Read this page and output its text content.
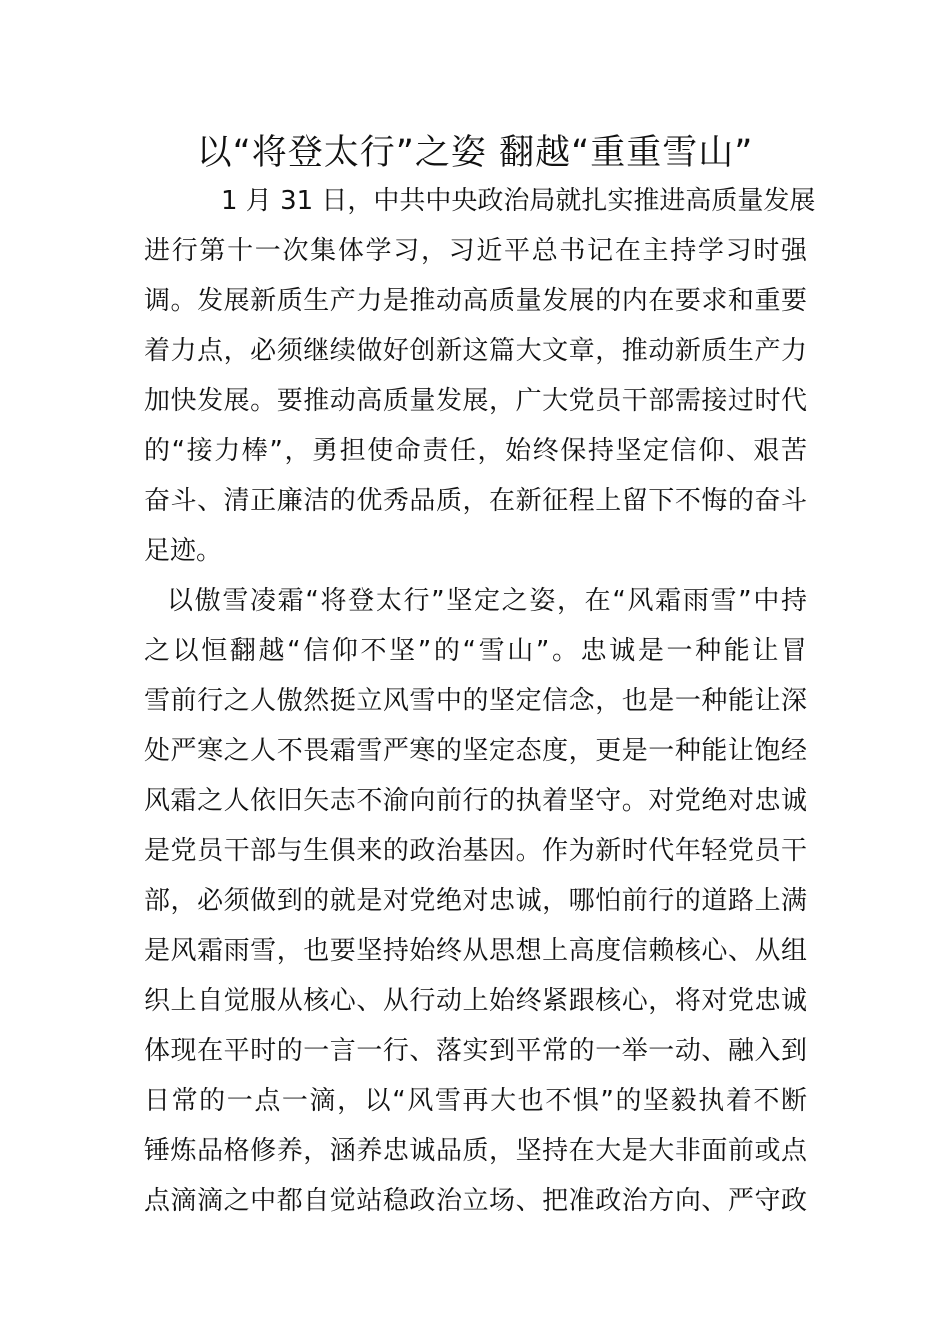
以“将登太行”之姿 翻越“重重雪山”
1 月 31 日，中共中央政治局就扎实推进高质量发展
进行第十一次集体学习，习近平总书记在主持学习时强
调。发展新质生产力是推动高质量发展的内在要求和重要
着力点，必须继续做好创新这篇大文章，推动新质生产力
加快发展。要推动高质量发展，广大党员干部需接过时代
的“接力棒”，勇担使命责任，始终保持坚定信仰、艰苦
奋斗、清正廉洁的优秀品质，在新征程上留下不悔的奋斗
足迹。
以傲雪凌霜“将登太行”坚定之姿，在“风霜雨雪”中持
之以恒翻越“信仰不坚”的“雪山”。忠诚是一种能让冒
雪前行之人傲然挺立风雪中的坚定信念，也是一种能让深
处严寒之人不畏霜雪严寒的坚定态度，更是一种能让饱经
风霜之人依旧矢志不渝向前行的执着坚守。对党绝对忠诚
是党员干部与生俱来的政治基因。作为新时代年轻党员干
部，必须做到的就是对党绝对忠诚，哪怕前行的道路上满
是风霜雨雪，也要坚持始终从思想上高度信赖核心、从组
织上自觉服从核心、从行动上始终紧跟核心，将对党忠诚
体现在平时的一言一行、落实到平常的一举一动、融入到
日常的一点一滴，以“风雪再大也不惧”的坚毅执着不断
锤炼品格修养，涵养忠诚品质，坚持在大是大非面前或点
点滴滴之中都自觉站稳政治立场、把准政治方向、严守政
